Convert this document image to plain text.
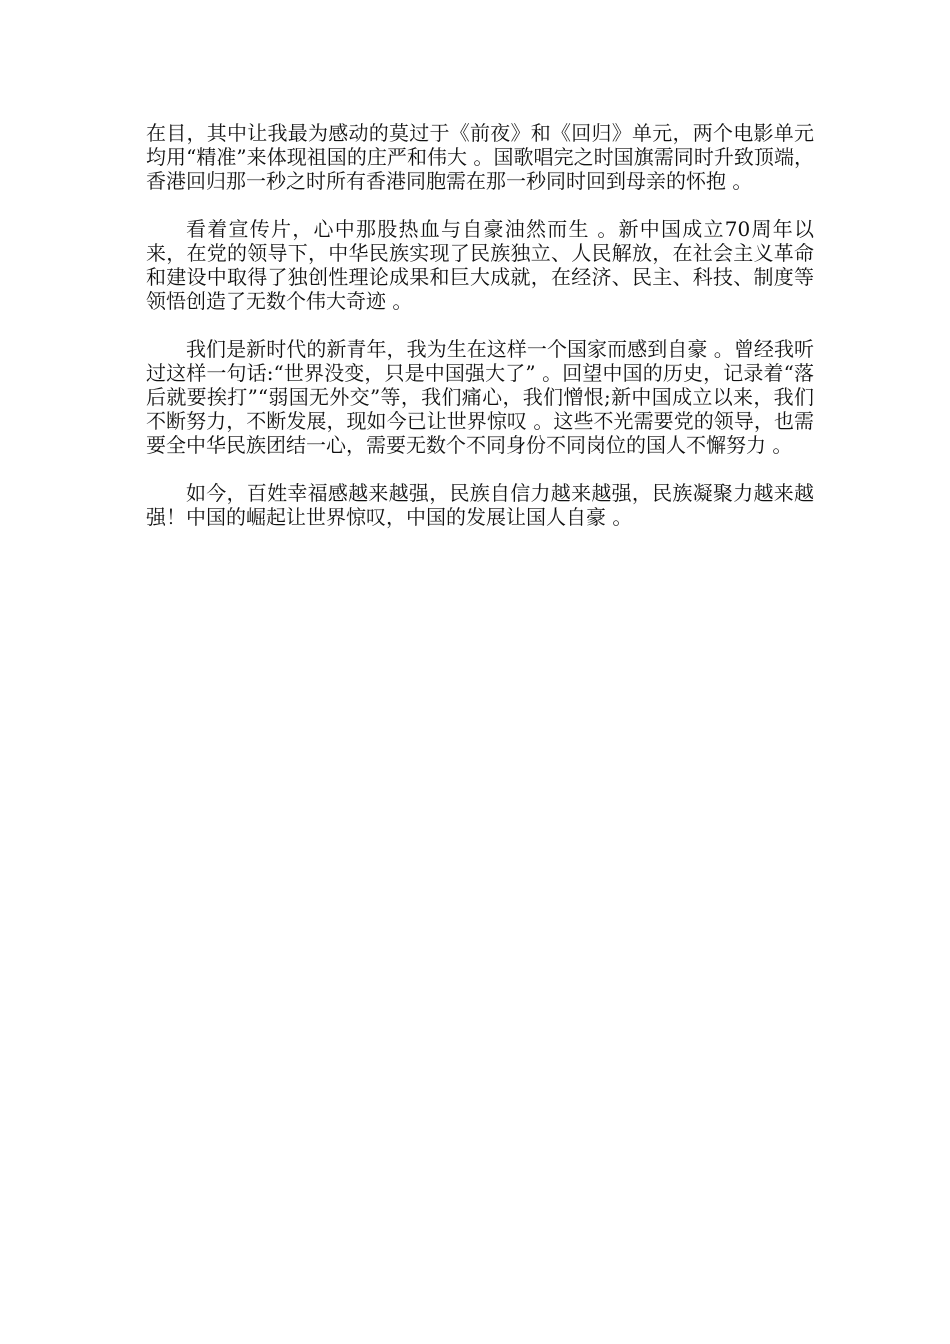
在目，其中让我最为感动的莫过于《前夜》和《回归》单元，两个电影单元均用“精准”来体现祖国的庄严和伟大 。国歌唱完之时国旗需同时升致顶端，香港回归那一秒之时所有香港同胞需在那一秒同时回到母亲的怀抱 。

看着宣传片，心中那股热血与自豪油然而生 。新中国成立70周年以来，在党的领导下，中华民族实现了民族独立、人民解放，在社会主义革命和建设中取得了独创性理论成果和巨大成就，在经济、民主、科技、制度等领悟创造了无数个伟大奇迹 。

我们是新时代的新青年，我为生在这样一个国家而感到自豪 。曾经我听过这样一句话:“世界没变，只是中国强大了” 。回望中国的历史，记录着“落后就要挨打”“弱国无外交”等，我们痛心，我们憎恨;新中国成立以来，我们不断努力，不断发展，现如今已让世界惊叹 。这些不光需要党的领导，也需要全中华民族团结一心，需要无数个不同身份不同岗位的国人不懈努力 。

如今，百姓幸福感越来越强，民族自信力越来越强，民族凝聚力越来越强！中国的崛起让世界惊叹，中国的发展让国人自豪 。
